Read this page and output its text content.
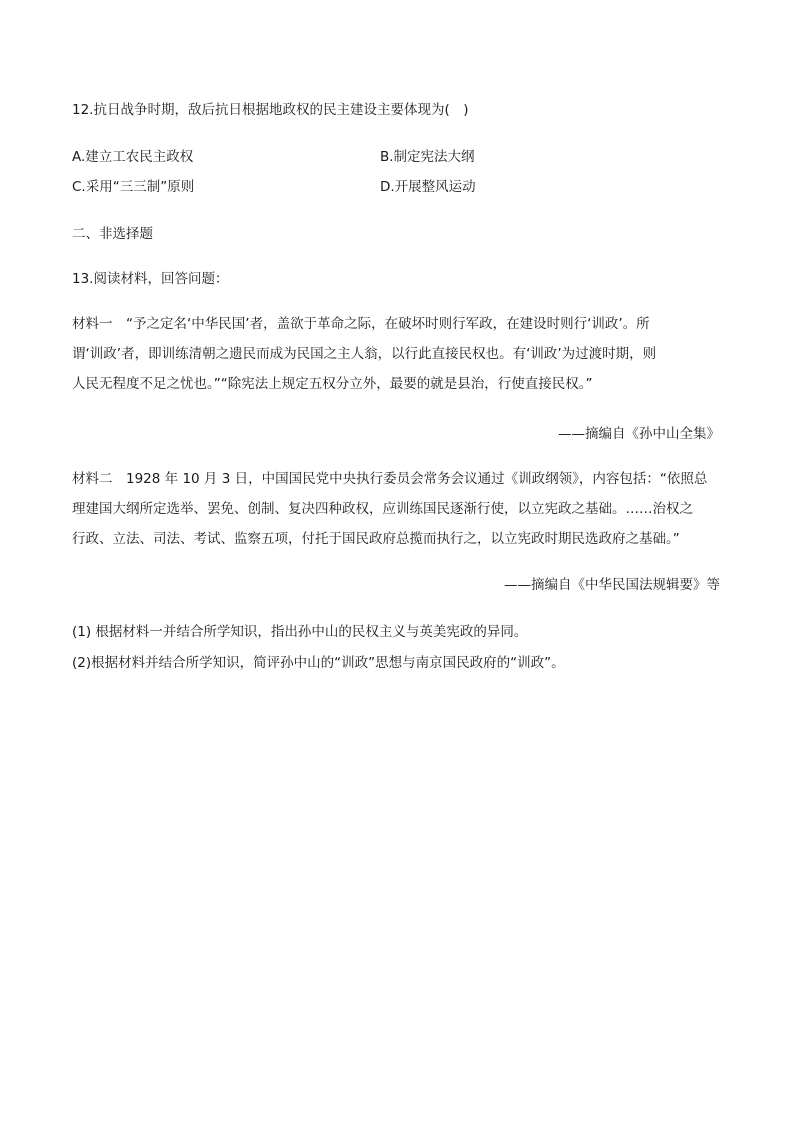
12.抗日战争时期，敌后抗日根据地政权的民主建设主要体现为(　)
A.建立工农民主政权	B.制定宪法大纲
C.采用“三三制”原则	D.开展整风运动
二、非选择题
13.阅读材料，回答问题：
材料一　“予之定名‘中华民国’者，盖欲于革命之际，在破坏时则行军政，在建设时则行‘训政’。所
谓‘训政’者，即训练清朝之遗民而成为民国之主人翁，以行此直接民权也。有‘训政’为过渡时期，则
人民无程度不足之忧也。”“除宪法上规定五权分立外，最要的就是县治，行使直接民权。”
——摘编自《孙中山全集》
材料二　1928 年 10 月 3 日，中国国民党中央执行委员会常务会议通过《训政纲领》，内容包括：“依照总
理建国大纲所定选举、罢免、创制、复决四种政权，应训练国民逐渐行使，以立宪政之基础。……治权之
行政、立法、司法、考试、监察五项，付托于国民政府总揽而执行之，以立宪政时期民选政府之基础。”
——摘编自《中华民国法规辑要》等
(1) 根据材料一并结合所学知识，指出孙中山的民权主义与英美宪政的异同。
(2)根据材料并结合所学知识，简评孙中山的“训政”思想与南京国民政府的“训政”。
